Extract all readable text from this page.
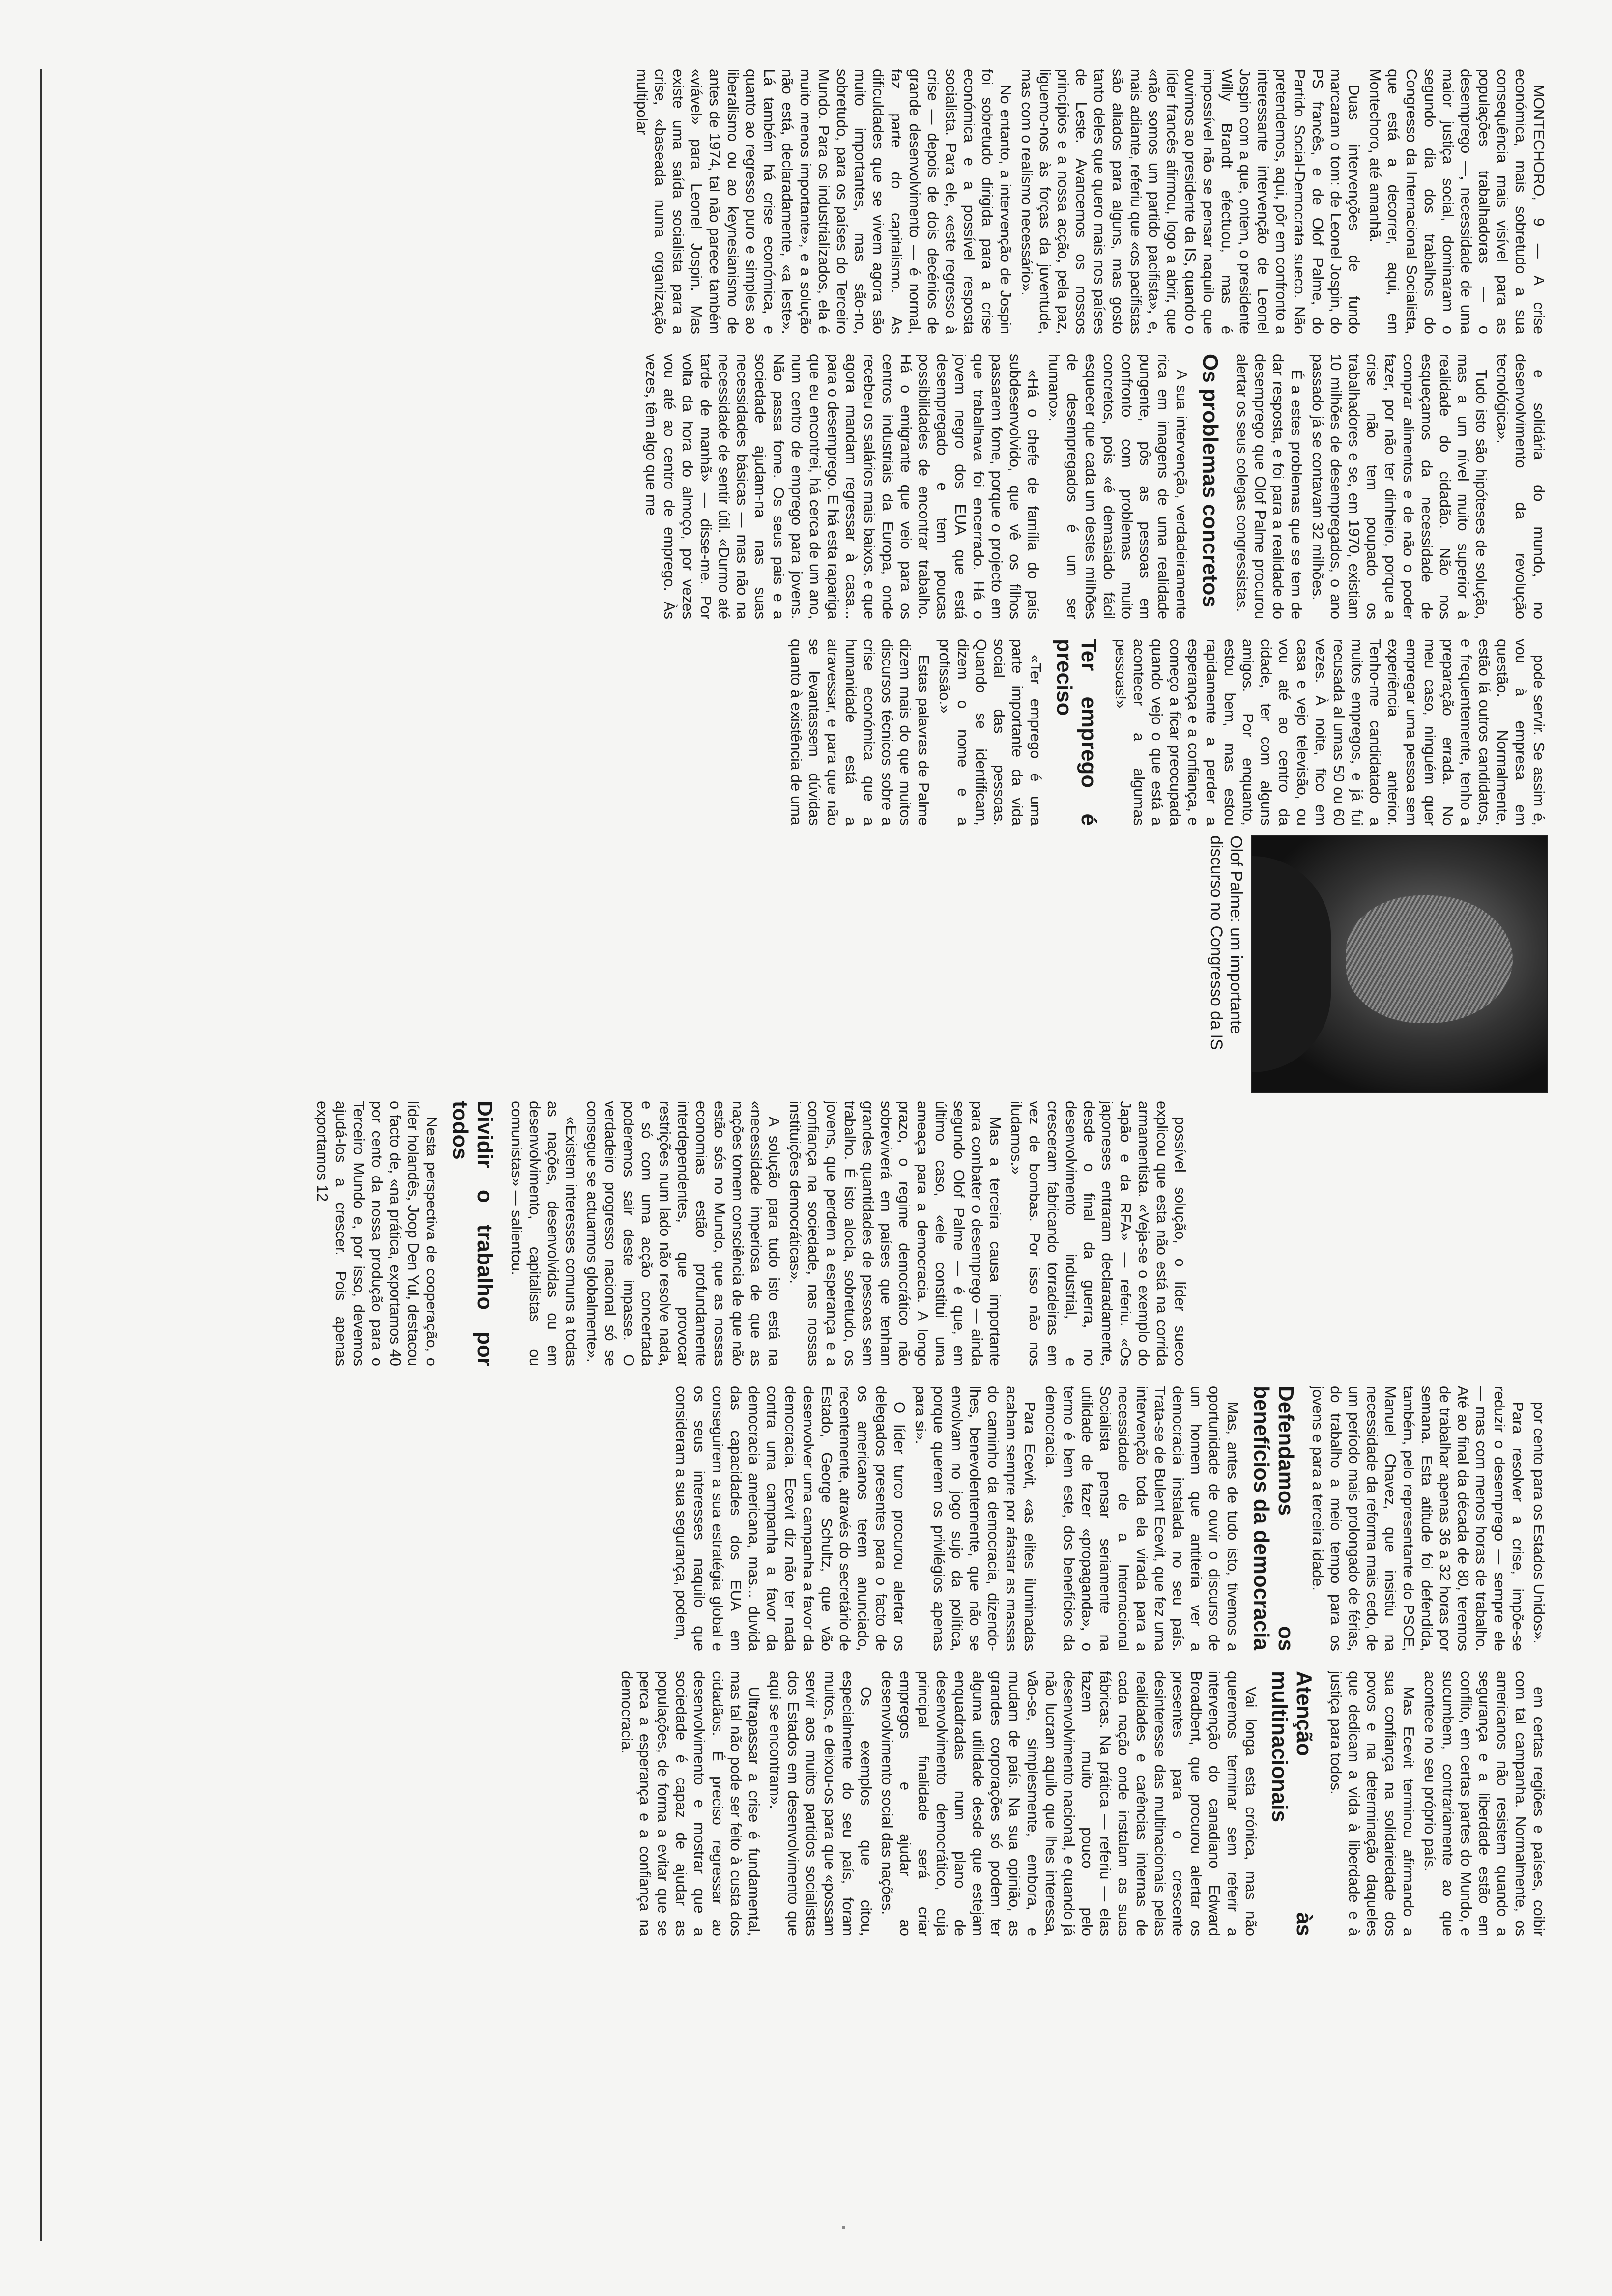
MONTECHORO, 9 — A crise económica, mais sobretudo a sua consequência mais visível para as populações trabalhadoras — o desemprego —, necessidade de uma maior justiça social, dominaram o segundo dia dos trabalhos do Congresso da Internacional Socialista, que está a decorrer, aqui, em Montechoro, até amanhã.

Duas intervenções de fundo marcaram o tom: de Leonel Jospin, do PS francês, e de Olof Palme, do Partido Social-Democrata sueco. Não pretendemos, aqui, pôr em confronto a interessante intervenção de Leonel Jospin com a que, ontem, o presidente Willy Brandt efectuou, mas é impossível não se pensar naquilo que ouvimos ao presidente da IS, quando o líder francês afirmou, logo a abrir, que «não somos um partido pacifista», e, mais adiante, referiu que «os pacifistas são aliados para alguns, mas gosto tanto deles que quero mais nos países de Leste. Avancemos os nossos princípios e a nossa acção, pela paz, liguemo-nos às forças da juventude, mas com o realismo necessário».

No entanto, a intervenção de Jospin foi sobretudo dirigida para a crise económica e a possível resposta socialista. Para ele, «este regresso à crise — depois de dois decénios de grande desenvolvimento — é normal, faz parte do capitalismo. As dificuldades que se vivem agora são muito importantes, mas são-no, sobretudo, para os países do Terceiro Mundo. Para os industrializados, ela é muito menos importante», e a solução não está, declaradamente, «a leste». Lá também há crise económica, e quanto ao regresso puro e simples ao liberalismo ou ao keynesianismo de antes de 1974, tal não parece também «viável» para Leonel Jospin. Mas existe uma saída socialista para a crise, «baseada numa organização multipolar

e solidária do mundo, no desenvolvimento da revolução tecnológica».

Tudo isto são hipóteses de solução, mas a um nível muito superior à realidade do cidadão. Não nos esqueçamos da necessidade de comprar alimentos e de não o poder fazer, por não ter dinheiro, porque a crise não tem poupado os trabalhadores e se, em 1970, existiam 10 milhões de desempregados, o ano passado já se contavam 32 milhões.

É a estes problemas que se tem de dar resposta, e foi para a realidade do desemprego que Olof Palme procurou alertar os seus colegas congressistas.

Os problemas concretos

A sua intervenção, verdadeiramente rica em imagens de uma realidade pungente, pôs as pessoas em confronto com problemas muito concretos, pois «é demasiado fácil esquecer que cada um destes milhões de desempregados é um ser humano».

«Há o chefe de família do país subdesenvolvido, que vê os filhos passarem fome, porque o projecto em que trabalhava foi encerrado. Há o jovem negro dos EUA que está desempregado e tem poucas possibilidades de encontrar trabalho. Há o emigrante que veio para os centros industriais da Europa, onde recebeu os salários mais baixos, e que agora mandam regressar à casa... para o desemprego. E há esta rapariga que eu encontrei, há cerca de um ano, num centro de emprego para jovens. Não passa fome. Os seus pais e a sociedade ajudam-na nas suas necessidades básicas — mas não na necessidade de sentir útil. «Durmo até tarde de manhã» — disse-me. Por volta da hora do almoço, por vezes vou até ao centro de emprego. Às vezes, têm algo que me

pode servir. Se assim é, vou à empresa em questão. Normalmente, estão lá outros candidatos, e frequentemente, tenho a preparação errada. No meu caso, ninguém quer empregar uma pessoa sem experiência anterior. Tenho-me candidatado a muitos empregos, e já fui recusada al umas 50 ou 60 vezes. À noite, fico em casa e vejo televisão, ou vou até ao centro da cidade, ter com alguns amigos. Por enquanto, estou bem, mas estou rapidamente a perder a esperança e a confiança, e começo a ficar preocupada quando vejo o que está a acontecer a algumas pessoas!»

Ter emprego é preciso

«Ter emprego é uma parte importante da vida social das pessoas. Quando se identificam, dizem o nome e a profissão.»

Estas palavras de Palme dizem mais do que muitos discursos técnicos sobre a crise económica que a humanidade está a atravessar, e para que não se levantassem dúvidas quanto à existência de uma

Olof Palme: um importante discurso no Congresso da IS

possível solução, o líder sueco explicou que esta não está na corrida armamentista. «Veja-se o exemplo do Japão e da RFA» — referiu. «Os japoneses entraram declaradamente, desde o final da guerra, no desenvolvimento industrial, e cresceram fabricando torradeiras em vez de bombas. Por isso não nos iludamos.»

Mas a terceira causa importante para combater o desemprego — ainda segundo Olof Palme — é que, em último caso, «ele constitui uma ameaça para a democracia. A longo prazo, o regime democrático não sobreviverá em países que tenham grandes quantidades de pessoas sem trabalho. É isto alocla, sobretudo, os jovens, que perdem a esperança e a confiança na sociedade, nas nossas instituições democráticas».

A solução para tudo isto está na «necessidade imperiosa de que as nações tomem consciência de que não estão sós no Mundo, que as nossas economias estão profundamente interdependentes, que provocar restrições num lado não resolve nada, e só com uma acção concertada poderemos sair deste impasse. O verdadeiro progresso nacional só se consegue se actuarmos globalmente».

«Existem interesses comuns a todas as nações, desenvolvidas ou em desenvolvimento, capitalistas ou comunistas» — salientou.

Dividir o trabalho por todos

Nesta perspectiva de cooperação, o líder holandês, Joop Den Yul, destacou o facto de, «na prática, exportamos 40 por cento da nossa produção para o Terceiro Mundo e, por isso, devemos ajudá-los a crescer. Pois apenas exportamos 12

por cento para os Estados Unidos».

Para resolver a crise, impõe-se reduzir o desemprego — sempre ele — mas com menos horas de trabalho. Até ao final da década de 80, teremos de trabalhar apenas 36 a 32 horas por semana. Esta atitude foi defendida, também, pelo representante do PSOE, Manuel Chavez, que insistiu na necessidade da reforma mais cedo, de um período mais prolongado de férias, do trabalho a meio tempo para os jovens e para a terceira idade.

Defendamos os benefícios da democracia

Mas, antes de tudo isto, tivemos a oportunidade de ouvir o discurso de um homem que antiteria ver a democracia instalada no seu país. Trata-se de Bulent Ecevit, que fez uma intervenção toda ela virada para a necessidade de a Internacional Socialista pensar seriamente na utilidade de fazer «propaganda», o termo é bem este, dos benefícios da democracia.

Para Ecevit, «as elites iluminadas acabam sempre por afastar as massas do caminho da democracia, dizendo-lhes, benevolentemente, que não se envolvam no jogo sujo da política, porque querem os privilégios apenas para si».

O líder turco procurou alertar os delegados presentes para o facto de os americanos terem anunciado, recentemente, através do secretário de Estado, George Schultz, que vão desenvolver uma campanha a favor da democracia. Ecevit diz não ter nada contra uma campanha a favor da democracia americana, mas... duvida das capacidades dos EUA em conseguirem a sua estratégia global e os seus interesses naquilo que consideram a sua segurança, podem,

em certas regiões e países, coibir com tal campanha. Normalmente, os americanos não resistem quando a segurança e a liberdade estão em conflito, em certas partes do Mundo, e sucumbem, contrariamente ao que acontece no seu próprio país.

Mas Ecevit terminou afirmando a sua confiança na solidariedade dos povos e na determinação daqueles que dedicam a vida à liberdade e à justiça para todos.

Atenção às multinacionais

Vai longa esta crónica, mas não queremos terminar sem referir a intervenção do canadiano Edward Broadbent, que procurou alertar os presentes para o crescente desinteresse das multinacionais pelas realidades e carências internas de cada nação onde instalam as suas fábricas. Na prática — referiu — elas fazem muito pouco pelo desenvolvimento nacional, e quando já não lucram aquilo que lhes interessa, vão-se, simplesmente, embora, e mudam de país. Na sua opinião, as grandes corporações só podem ter alguma utilidade desde que estejam enquadradas num plano de desenvolvimento democrático, cuja principal finalidade será criar empregos e ajudar ao desenvolvimento social das nações.

Os exemplos que citou, especialmente do seu país, foram muitos, e deixou-os para que «possam servir aos muitos partidos socialistas dos Estados em desenvolvimento que aqui se encontram».

Ultrapassar a crise é fundamental, mas tal não pode ser feito à custa dos cidadãos. É preciso regressar ao desenvolvimento e mostrar que a sociedade é capaz de ajudar as populações, de forma a evitar que se perca a esperança e a confiança na democracia.
